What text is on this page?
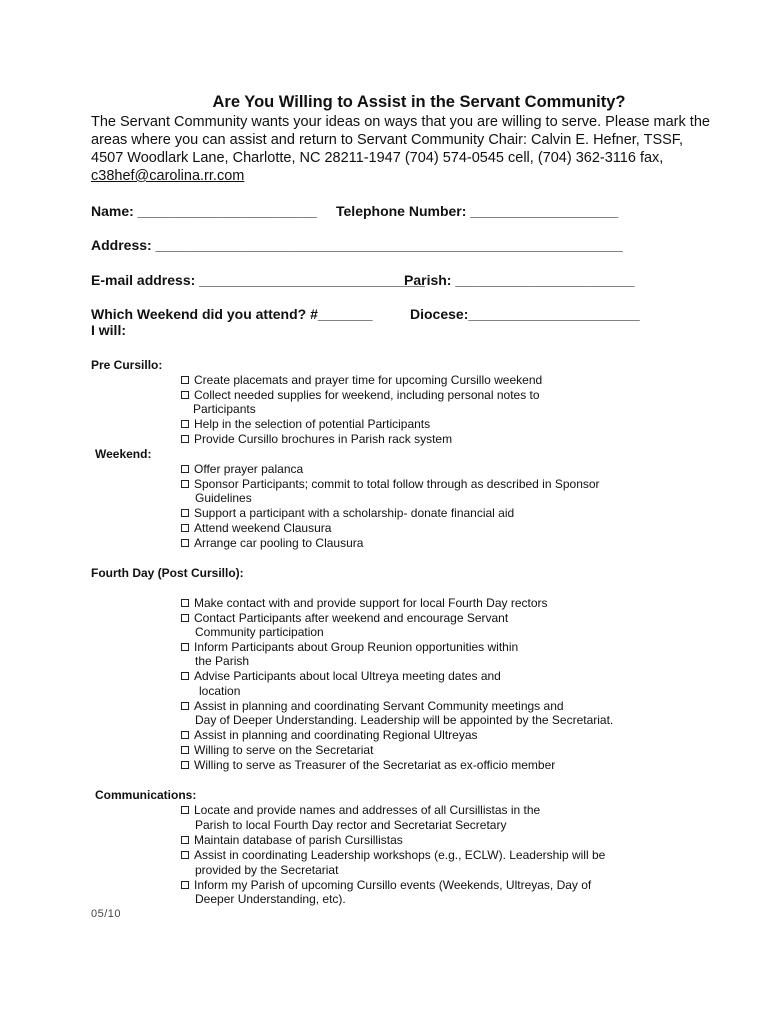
Are You Willing to Assist in the Servant Community?
The Servant Community wants your ideas on ways that you are willing to serve. Please mark the
areas where you can assist and return to Servant Community Chair: Calvin E. Hefner, TSSF,
4507 Woodlark Lane, Charlotte, NC 28211-1947 (704) 574-0545 cell, (704) 362-3116 fax,
c38hef@carolina.rr.com
Name: _______________________ Telephone Number: ___________________
Address: ____________________________________________________________
E-mail address: _____________________________
Parish: _______________________
Which Weekend did you attend? #_______	Diocese:______________________
I will:
Pre Cursillo:
Create placemats and prayer time for upcoming Cursillo weekend
Collect needed supplies for weekend, including personal notes to
Participants
Help in the selection of potential Participants
Provide Cursillo brochures in Parish rack system
Weekend:
Offer prayer palanca
Sponsor Participants; commit to total follow through as described in Sponsor
Guidelines
Support a participant with a scholarship- donate financial aid
Attend weekend Clausura
Arrange car pooling to Clausura
Fourth Day (Post Cursillo):
Make contact with and provide support for local Fourth Day rectors
Contact Participants after weekend and encourage Servant
Community participation
Inform Participants about Group Reunion opportunities within
the Parish
Advise Participants about local Ultreya meeting dates and
location
Assist in planning and coordinating Servant Community meetings and
Day of Deeper Understanding. Leadership will be appointed by the Secretariat.
Assist in planning and coordinating Regional Ultreyas
Willing to serve on the Secretariat
Willing to serve as Treasurer of the Secretariat as ex-officio member
Communications:
Locate and provide names and addresses of all Cursillistas in the
Parish to local Fourth Day rector and Secretariat Secretary
Maintain database of parish Cursillistas
Assist in coordinating Leadership workshops (e.g., ECLW). Leadership will be
provided by the Secretariat
Inform my Parish of upcoming Cursillo events (Weekends, Ultreyas, Day of
Deeper Understanding, etc).
05/10
